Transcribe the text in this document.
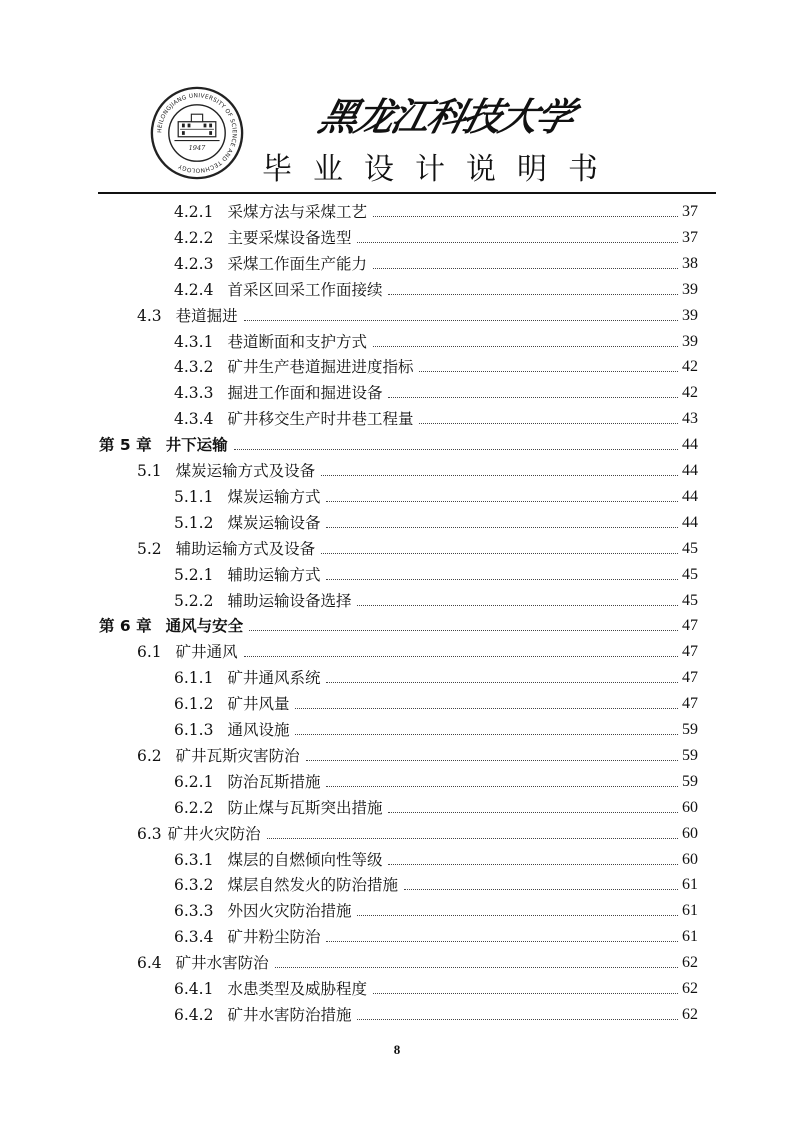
HEILONGJIANG UNIVERSITY OF SCIENCE AND TECHNOLOGY
1947
黑龙江科技大学
毕业设计说明书
4.2.1 采煤方法与采煤工艺	37
4.2.2 主要采煤设备选型	37
4.2.3 采煤工作面生产能力	38
4.2.4 首采区回采工作面接续	39
4.3 巷道掘进	39
4.3.1 巷道断面和支护方式	39
4.3.2 矿井生产巷道掘进进度指标	42
4.3.3 掘进工作面和掘进设备	42
4.3.4 矿井移交生产时井巷工程量	43
第 5 章 井下运输	44
5.1 煤炭运输方式及设备	44
5.1.1 煤炭运输方式	44
5.1.2 煤炭运输设备	44
5.2 辅助运输方式及设备	45
5.2.1 辅助运输方式	45
5.2.2 辅助运输设备选择	45
第 6 章 通风与安全	47
6.1 矿井通风	47
6.1.1 矿井通风系统	47
6.1.2 矿井风量	47
6.1.3 通风设施	59
6.2 矿井瓦斯灾害防治	59
6.2.1 防治瓦斯措施	59
6.2.2 防止煤与瓦斯突出措施	60
6.3 矿井火灾防治	60
6.3.1 煤层的自燃倾向性等级	60
6.3.2 煤层自然发火的防治措施	61
6.3.3 外因火灾防治措施	61
6.3.4 矿井粉尘防治	61
6.4 矿井水害防治	62
6.4.1 水患类型及威胁程度	62
6.4.2 矿井水害防治措施	62
8
